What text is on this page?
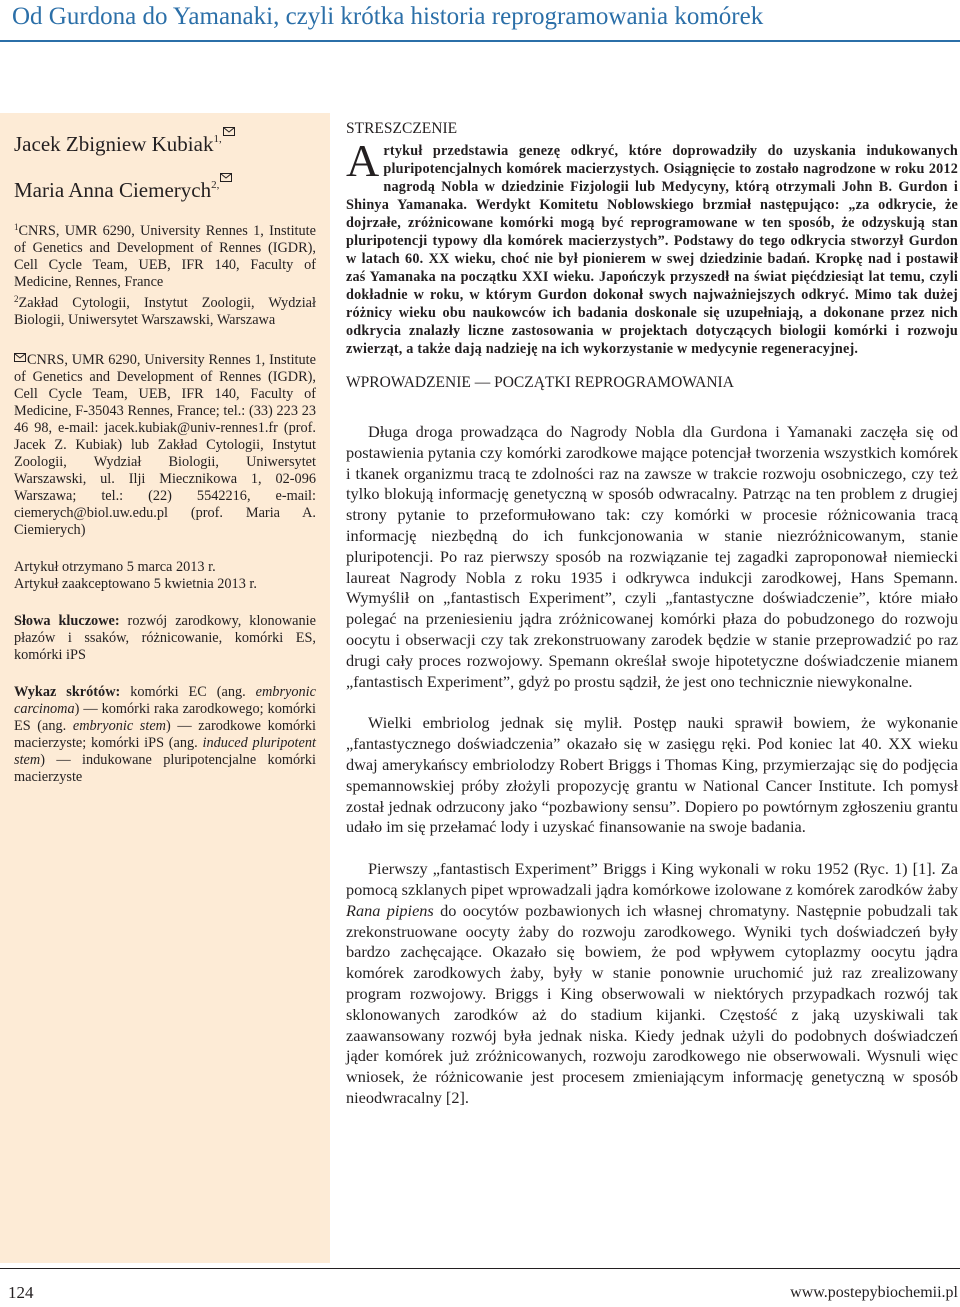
Od Gurdona do Yamanaki, czyli krótka historia reprogramowania komórek
Jacek Zbigniew Kubiak$^{1,}$
Maria Anna Ciemerych$^{2,}$
$^1$CNRS, UMR 6290, University Rennes 1, Institute of Genetics and Development of Rennes (IGDR), Cell Cycle Team, UEB, IFR 140, Faculty of Medicine, Rennes, France
$^2$Zakład Cytologii, Instytut Zoologii, Wydział Biologii, Uniwersytet Warszawski, Warszawa
CNRS, UMR 6290, University Rennes 1, Institute of Genetics and Development of Rennes (IGDR), Cell Cycle Team, UEB, IFR 140, Faculty of Medicine, F-35043 Rennes, France; tel.: (33) 223 23 46 98, e-mail: jacek.kubiak@univ-rennes1.fr (prof. Jacek Z. Kubiak) lub Zakład Cytologii, Instytut Zoologii, Wydział Biologii, Uniwersytet Warszawski, ul. Ilji Miecznikowa 1, 02-096 Warszawa; tel.: (22) 5542216, e-mail: ciemerych@biol.uw.edu.pl (prof. Maria A. Ciemierych)
Artykuł otrzymano 5 marca 2013 r.
Artykuł zaakceptowano 5 kwietnia 2013 r.
Słowa kluczowe: rozwój zarodkowy, klonowanie płazów i ssaków, różnicowanie, komórki ES, komórki iPS
Wykaz skrótów: komórki EC (ang. embryonic carcinoma) — komórki raka zarodkowego; komórki ES (ang. embryonic stem) — zarodkowe komórki macierzyste; komórki iPS (ang. induced pluripotent stem) — indukowane pluripotencjalne komórki macierzyste
STRESZCZENIE
Artykuł przedstawia genezę odkryć, które doprowadziły do uzyskania indukowanych pluripotencjalnych komórek macierzystych. Osiągnięcie to zostało nagrodzone w roku 2012 nagrodą Nobla w dziedzinie Fizjologii lub Medycyny, którą otrzymali John B. Gurdon i Shinya Yamanaka. Werdykt Komitetu Noblowskiego brzmiał następująco: „za odkrycie, że dojrzałe, zróżnicowane komórki mogą być reprogramowane w ten sposób, że odzyskują stan pluripotencji typowy dla komórek macierzystych”. Podstawy do tego odkrycia stworzył Gurdon w latach 60. XX wieku, choć nie był pionierem w swej dziedzinie badań. Kropkę nad i postawił zaś Yamanaka na początku XXI wieku. Japończyk przyszedł na świat pięćdziesiąt lat temu, czyli dokładnie w roku, w którym Gurdon dokonał swych najważniejszych odkryć. Mimo tak dużej różnicy wieku obu naukowców ich badania doskonale się uzupełniają, a dokonane przez nich odkrycia znalazły liczne zastosowania w projektach dotyczących biologii komórki i rozwoju zwierząt, a także dają nadzieję na ich wykorzystanie w medycynie regeneracyjnej.
WPROWADZENIE — POCZĄTKI REPROGRAMOWANIA

Długa droga prowadząca do Nagrody Nobla dla Gurdona i Yamanaki zaczęła się od postawienia pytania czy komórki zarodkowe mające potencjał tworzenia wszystkich komórek i tkanek organizmu tracą te zdolności raz na zawsze w trakcie rozwoju osobniczego, czy też tylko blokują informację genetyczną w sposób odwracalny. Patrząc na ten problem z drugiej strony pytanie to przeformułowano tak: czy komórki w procesie różnicowania tracą informację niezbędną do ich funkcjonowania w stanie niezróżnicowanym, stanie pluripotencji. Po raz pierwszy sposób na rozwiązanie tej zagadki zaproponował niemiecki laureat Nagrody Nobla z roku 1935 i odkrywca indukcji zarodkowej, Hans Spemann. Wymyślił on „fantastisch Experiment”, czyli „fantastyczne doświadczenie”, które miało polegać na przeniesieniu jądra zróżnicowanej komórki płaza do pobudzonego do rozwoju oocytu i obserwacji czy tak zrekonstruowany zarodek będzie w stanie przeprowadzić po raz drugi cały proces rozwojowy. Spemann określał swoje hipotetyczne doświadczenie mianem „fantastisch Experiment”, gdyż po prostu sądził, że jest ono technicznie niewykonalne.

Wielki embriolog jednak się mylił. Postęp nauki sprawił bowiem, że wykonanie „fantastycznego doświadczenia” okazało się w zasięgu ręki. Pod koniec lat 40. XX wieku dwaj amerykańscy embriolodzy Robert Briggs i Thomas King, przymierzając się do podjęcia spemannowskiej próby złożyli propozycję grantu w National Cancer Institute. Ich pomysł został jednak odrzucony jako “pozbawiony sensu”. Dopiero po powtórnym zgłoszeniu grantu udało im się przełamać lody i uzyskać finansowanie na swoje badania.

Pierwszy „fantastisch Experiment” Briggs i King wykonali w roku 1952 (Ryc. 1) [1]. Za pomocą szklanych pipet wprowadzali jądra komórkowe izolowane z komórek zarodków żaby Rana pipiens do oocytów pozbawionych ich własnej chromatyny. Następnie pobudzali tak zrekonstruowane oocyty żaby do rozwoju zarodkowego. Wyniki tych doświadczeń były bardzo zachęcające. Okazało się bowiem, że pod wpływem cytoplazmy oocytu jądra komórek zarodkowych żaby, były w stanie ponownie uruchomić już raz zrealizowany program rozwojowy. Briggs i King obserwowali w niektórych przypadkach rozwój tak sklonowanych zarodków aż do stadium kijanki. Częstość z jaką uzyskiwali tak zaawansowany rozwój była jednak niska. Kiedy jednak użyli do podobnych doświadczeń jąder komórek już zróżnicowanych, rozwoju zarodkowego nie obserwowali. Wysnuli więc wniosek, że różnicowanie jest procesem zmieniającym informację genetyczną w sposób nieodwracalny [2].

124	www.postepybiochemii.pl
